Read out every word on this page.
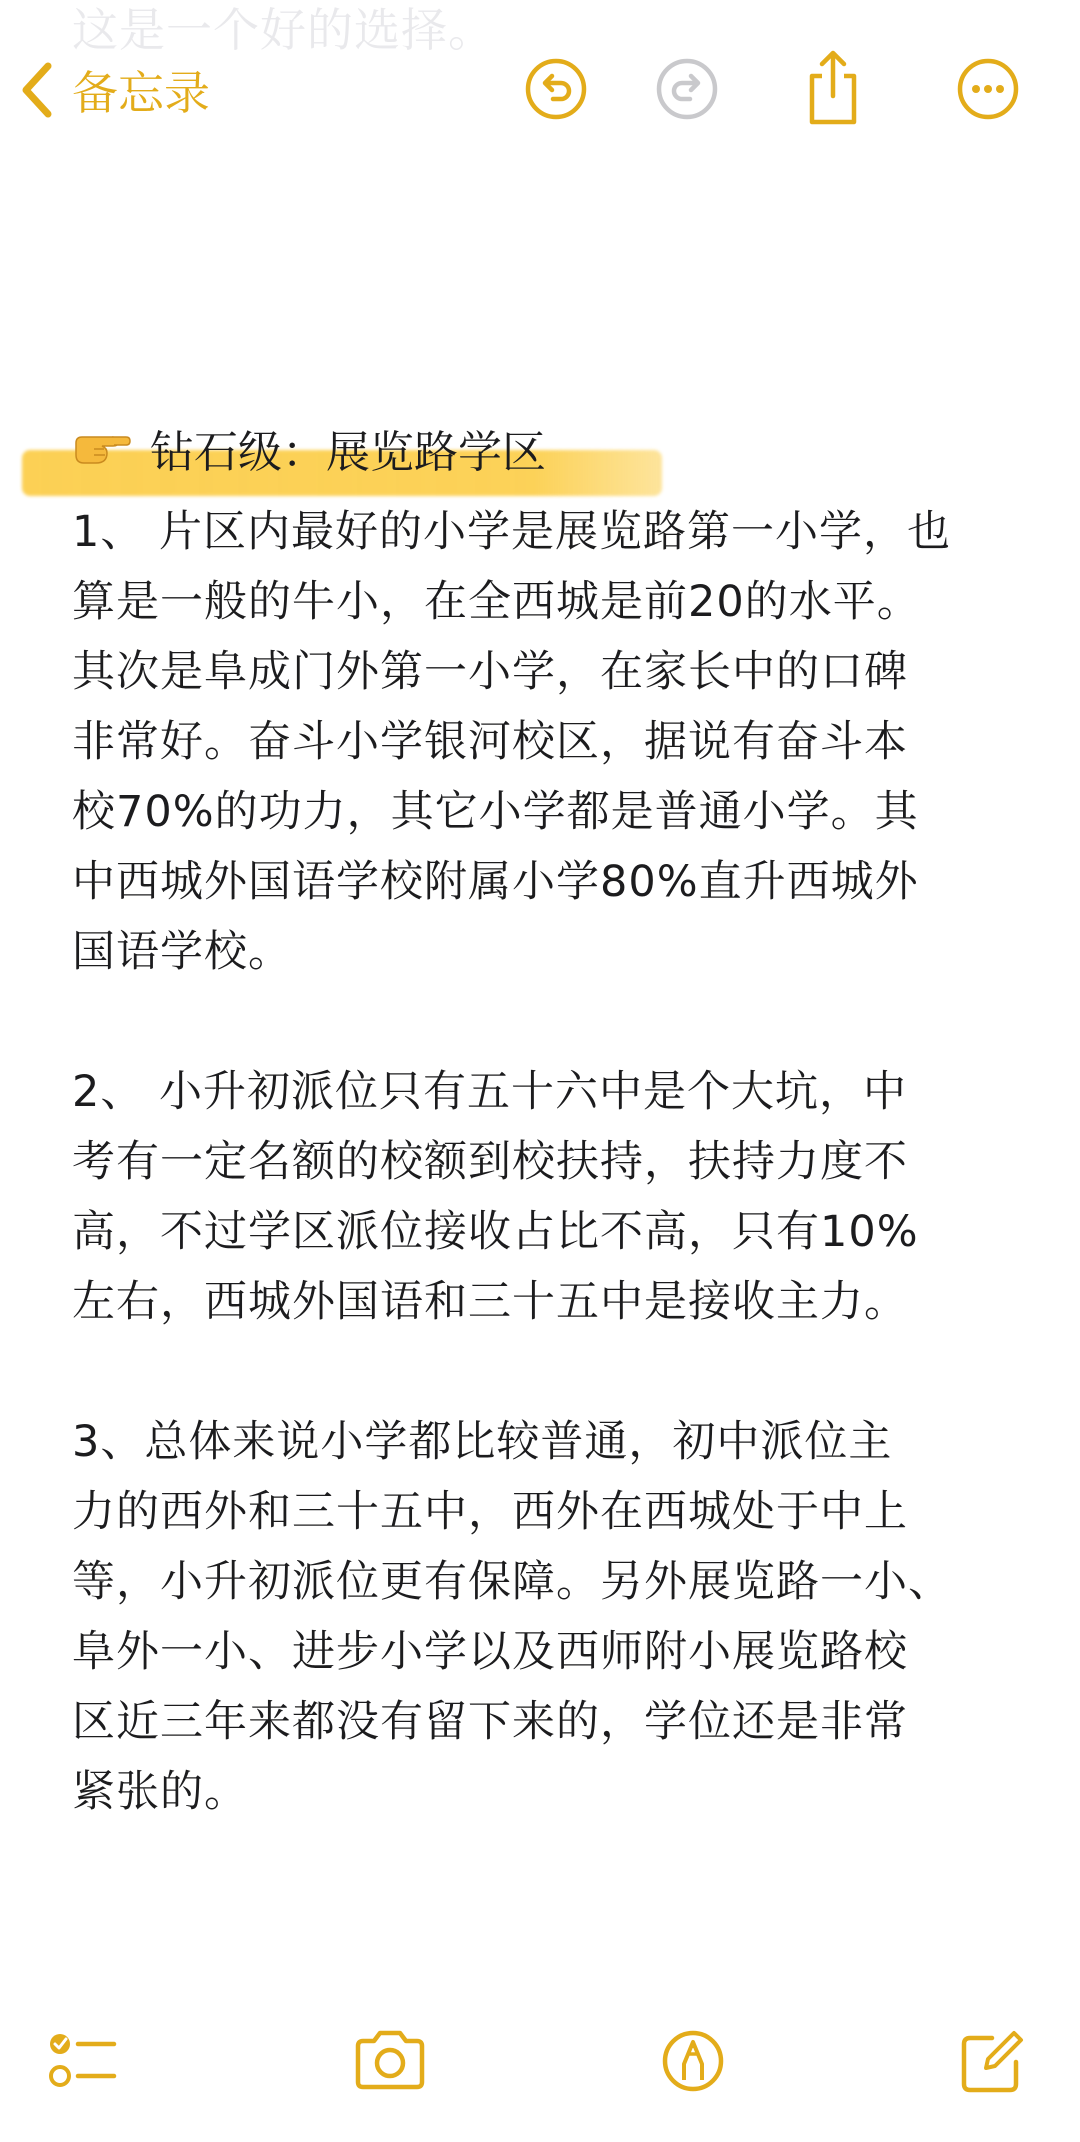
这是一个好的选择。
备忘录
钻石级：展览路学区

1、 片区内最好的小学是展览路第一小学，也

算是一般的牛小，在全西城是前20的水平。

其次是阜成门外第一小学，在家长中的口碑

非常好。奋斗小学银河校区，据说有奋斗本

校70%的功力，其它小学都是普通小学。其

中西城外国语学校附属小学80%直升西城外

国语学校。

2、 小升初派位只有五十六中是个大坑，中

考有一定名额的校额到校扶持，扶持力度不

高，不过学区派位接收占比不高，只有10%

左右，西城外国语和三十五中是接收主力。

3、总体来说小学都比较普通，初中派位主

力的西外和三十五中，西外在西城处于中上

等，小升初派位更有保障。另外展览路一小、

阜外一小、进步小学以及西师附小展览路校

区近三年来都没有留下来的，学位还是非常

紧张的。
